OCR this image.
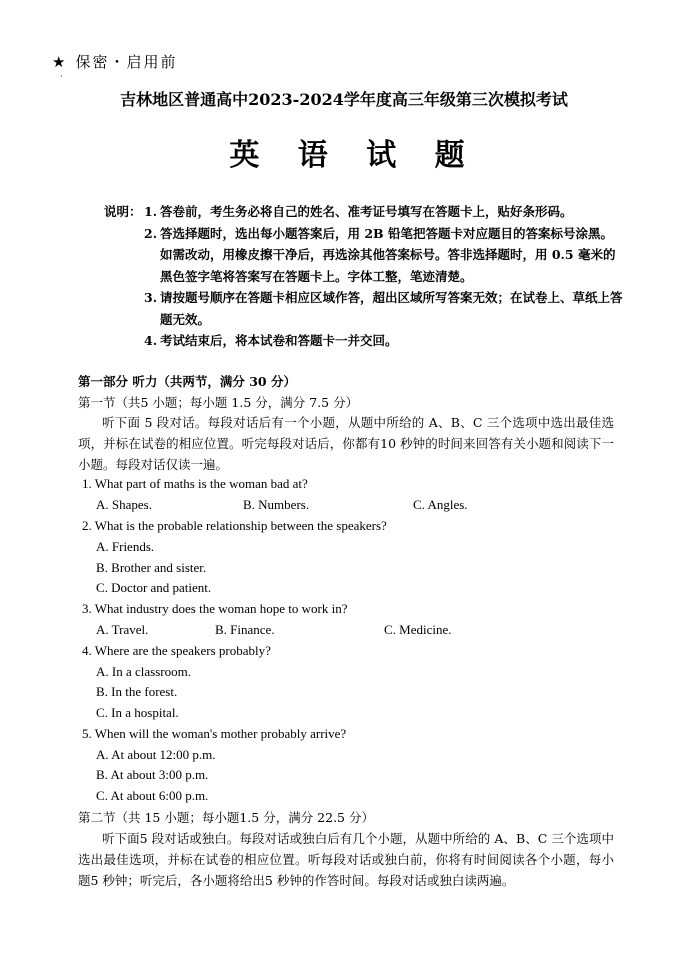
★ 保密・启用前
·
吉林地区普通高中2023-2024学年度高三年级第三次模拟考试
英 语 试 题
说明： 1. 答卷前，考生务必将自己的姓名、准考证号填写在答题卡上，贴好条形码。
2. 答选择题时，选出每小题答案后，用 2B 铅笔把答题卡对应题目的答案标号涂黑。如需改动，用橡皮擦干净后，再选涂其他答案标号。答非选择题时，用 0.5 毫米的黑色签字笔将答案写在答题卡上。字体工整，笔迹清楚。
3. 请按题号顺序在答题卡相应区域作答，超出区域所写答案无效；在试卷上、草纸上答题无效。
4. 考试结束后，将本试卷和答题卡一并交回。
第一部分 听力（共两节，满分 30 分）
第一节（共5 小题；每小题 1.5 分，满分 7.5 分）
听下面 5 段对话。每段对话后有一个小题，从题中所给的 A、B、C 三个选项中选出最佳选项，并标在试卷的相应位置。听完每段对话后，你都有10 秒钟的时间来回答有关小题和阅读下一小题。每段对话仅读一遍。
1. What part of maths is the woman bad at?
A. Shapes.	B. Numbers.	C. Angles.
2. What is the probable relationship between the speakers?
A. Friends.
B. Brother and sister.
C. Doctor and patient.
3. What industry does the woman hope to work in?
A. Travel.	B. Finance.	C. Medicine.
4. Where are the speakers probably?
A. In a classroom.
B. In the forest.
C. In a hospital.
5. When will the woman's mother probably arrive?
A. At about 12:00 p.m.
B. At about 3:00 p.m.
C. At about 6:00 p.m.
第二节（共 15 小题；每小题1.5 分，满分 22.5 分）
听下面5 段对话或独白。每段对话或独白后有几个小题，从题中所给的 A、B、C 三个选项中选出最佳选项，并标在试卷的相应位置。听每段对话或独白前，你将有时间阅读各个小题，每小题5 秒钟；听完后，各小题将给出5 秒钟的作答时间。每段对话或独白读两遍。
